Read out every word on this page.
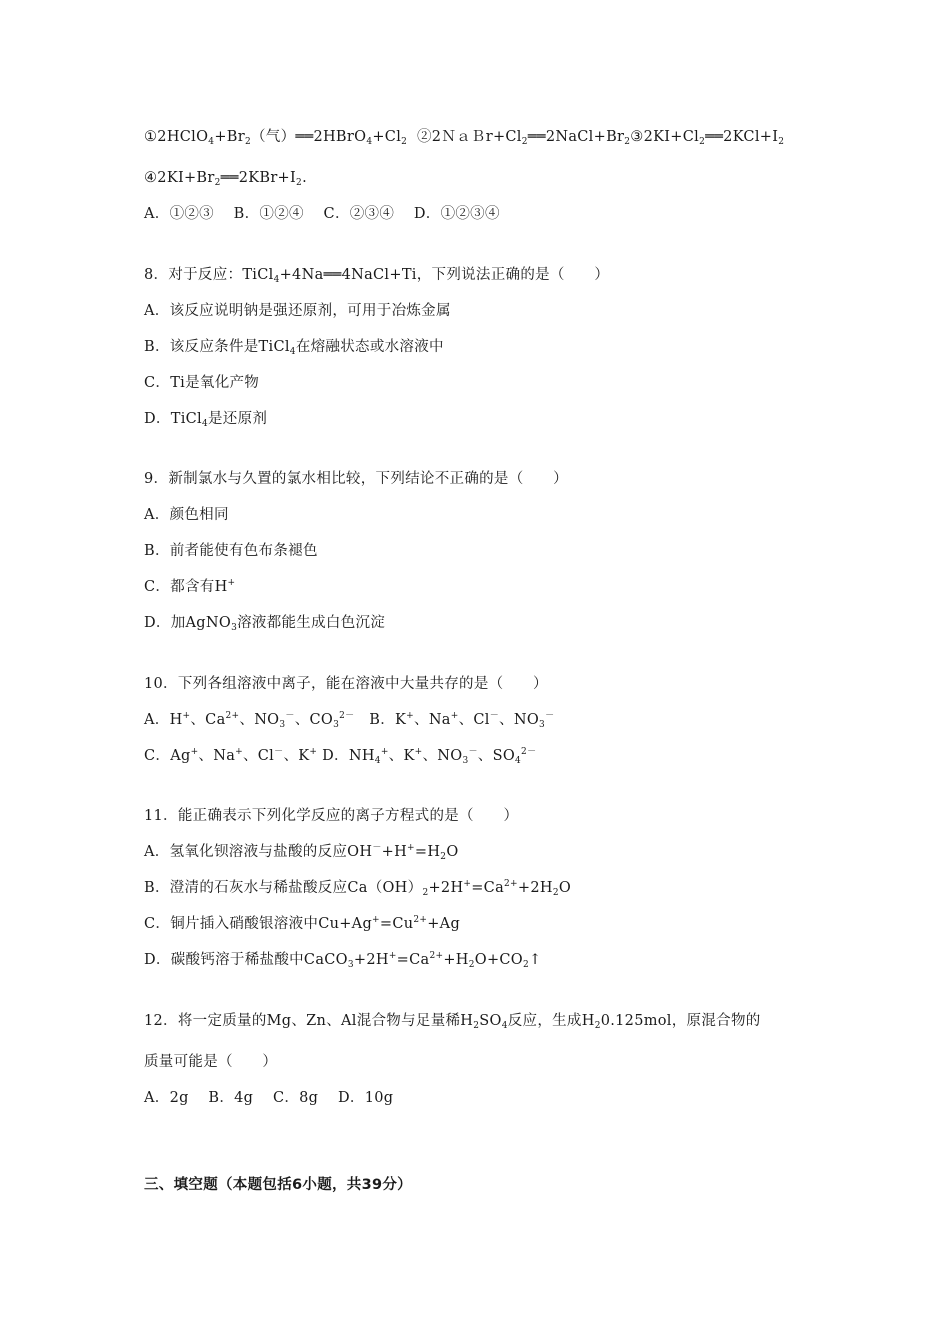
$①2HClO_4+Br_2$（气）$══2HBrO_4+Cl_2$  $②2NaBr+Cl_2══2NaCl+Br_2③2KI+Cl_2══2KCl+I_2$
$④2KI+Br_2══2KBr+I_2$.
A．①②③　 B．①②④　 C．②③④　 D．①②③④
8．对于反应：TiCl$_4$+4Na══4NaCl+Ti，下列说法正确的是（　　）
A．该反应说明钠是强还原剂，可用于冶炼金属
B．该反应条件是TiCl$_4$在熔融状态或水溶液中
C．Ti是氧化产物
D．TiCl$_4$是还原剂
9．新制氯水与久置的氯水相比较，下列结论不正确的是（　　）
A．颜色相同
B．前者能使有色布条褪色
C．都含有H+
D．加AgNO$_3$溶液都能生成白色沉淀
10．下列各组溶液中离子，能在溶液中大量共存的是（　　）
A．H+、$Ca^{2+}$、$NO_3^-$、$CO_3^{2-}$　B．K+、Na+、Cl－、$NO_3^-$
C．Ag+、Na+、Cl－、K+ D．$NH_4^+$、K+、$NO_3^-$、$SO_4^{2-}$
11．能正确表示下列化学反应的离子方程式的是（　　）
A．氢氧化钡溶液与盐酸的反应$OH^-+H^+=H_2O$
B．澄清的石灰水与稀盐酸反应$Ca(OH)_2+2H^+=Ca^{2+}+2H_2O$
C．铜片插入硝酸银溶液中$Cu+Ag^+=Cu^{2+}+Ag$
D．碳酸钙溶于稀盐酸中$CaCO_3+2H^+=Ca^{2+}+H_2O+CO_2↑$
12．将一定质量的Mg、Zn、Al混合物与足量稀$H_2SO_4$反应，生成$H_20.125mol$，原混合物的
质量可能是（　　）
A．2g　 B．4g　 C．8g　 D．10g
三、填空题（本题包括6小题，共39分）
